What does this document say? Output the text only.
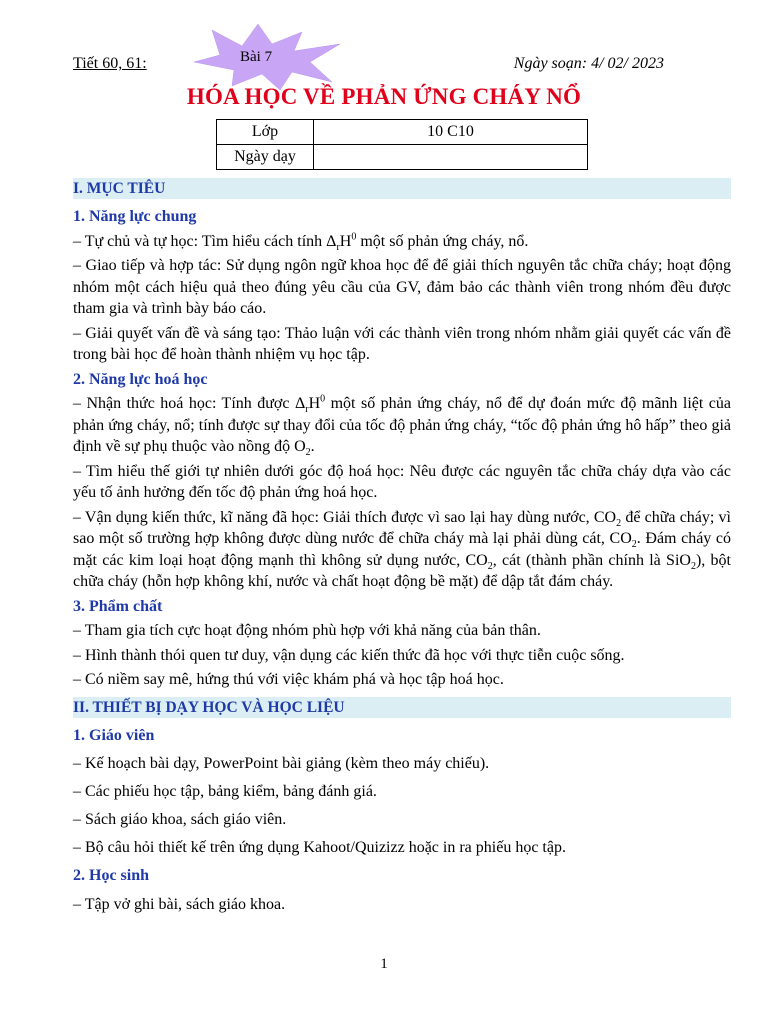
Tiết 60, 61:	Bài 7	Ngày soạn: 4/ 02/ 2023
HÓA HỌC VỀ PHẢN ỨNG CHÁY NỔ
Lớp	10 C10
Ngày dạy	
I. MỤC TIÊU
1. Năng lực chung
– Tự chủ và tự học: Tìm hiểu cách tính $\Delta_rH^0$ một số phản ứng cháy, nổ.
– Giao tiếp và hợp tác: Sử dụng ngôn ngữ khoa học để để giải thích nguyên tắc chữa cháy; hoạt động nhóm một cách hiệu quả theo đúng yêu cầu của GV, đảm bảo các thành viên trong nhóm đều được tham gia và trình bày báo cáo.
– Giải quyết vấn đề và sáng tạo: Thảo luận với các thành viên trong nhóm nhằm giải quyết các vấn đề trong bài học để hoàn thành nhiệm vụ học tập.
2. Năng lực hoá học
– Nhận thức hoá học: Tính được $\Delta_rH^0$ một số phản ứng cháy, nổ để dự đoán mức độ mãnh liệt của phản ứng cháy, nổ; tính được sự thay đổi của tốc độ phản ứng cháy, “tốc độ phản ứng hô hấp” theo giả định về sự phụ thuộc vào nồng độ $O_2$.
– Tìm hiểu thế giới tự nhiên dưới góc độ hoá học: Nêu được các nguyên tắc chữa cháy dựa vào các yếu tố ảnh hưởng đến tốc độ phản ứng hoá học.
– Vận dụng kiến thức, kĩ năng đã học: Giải thích được vì sao lại hay dùng nước, $CO_2$ để chữa cháy; vì sao một số trường hợp không được dùng nước để chữa cháy mà lại phải dùng cát, $CO_2$. Đám cháy có mặt các kim loại hoạt động mạnh thì không sử dụng nước, $CO_2$, cát (thành phần chính là SiO$_2$), bột chữa cháy (hỗn hợp không khí, nước và chất hoạt động bề mặt) để dập tắt đám cháy.
3. Phẩm chất
– Tham gia tích cực hoạt động nhóm phù hợp với khả năng của bản thân.
– Hình thành thói quen tư duy, vận dụng các kiến thức đã học với thực tiễn cuộc sống.
– Có niềm say mê, hứng thú với việc khám phá và học tập hoá học.
II. THIẾT BỊ DẠY HỌC VÀ HỌC LIỆU
1. Giáo viên
– Kế hoạch bài dạy, PowerPoint bài giảng (kèm theo máy chiếu).
– Các phiếu học tập, bảng kiểm, bảng đánh giá.
– Sách giáo khoa, sách giáo viên.
– Bộ câu hỏi thiết kế trên ứng dụng Kahoot/Quizizz hoặc in ra phiếu học tập.
2. Học sinh
– Tập vở ghi bài, sách giáo khoa.
1
